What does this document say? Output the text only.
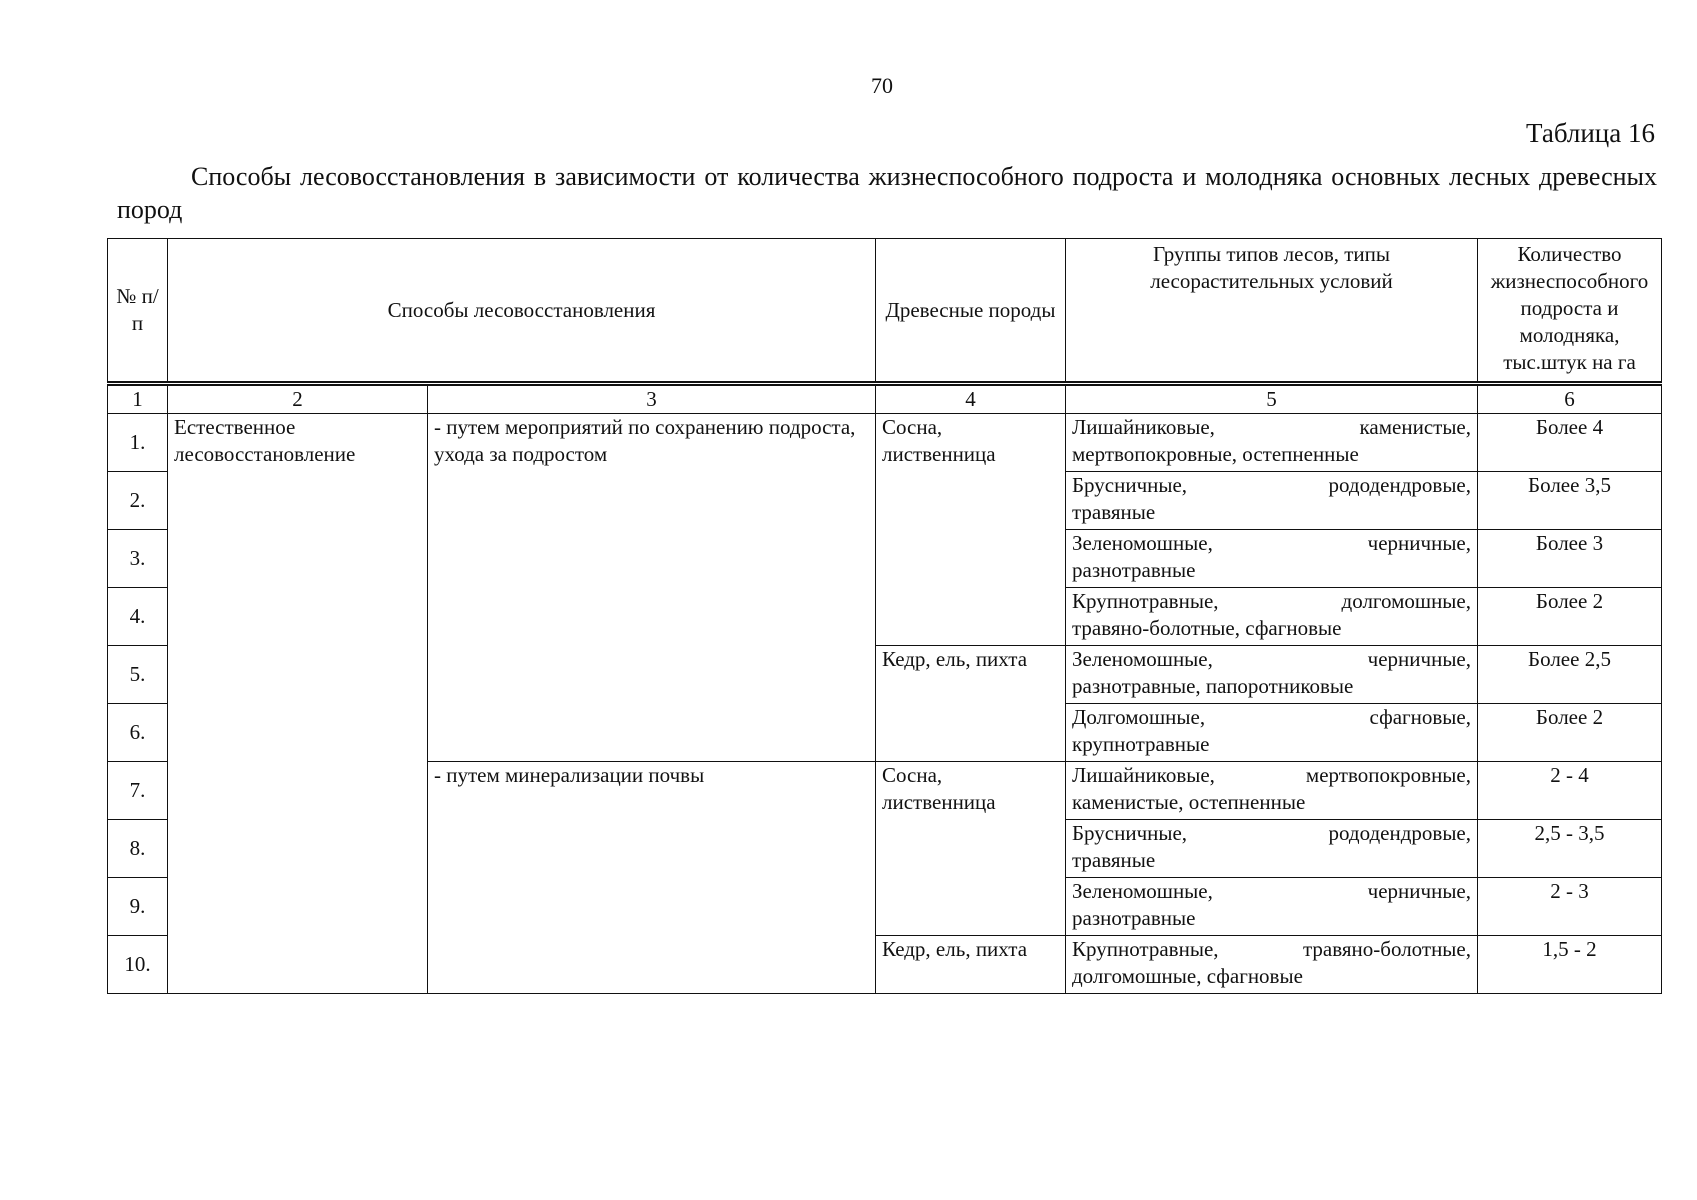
70
Таблица 16
Способы лесовосстановления в зависимости от количества жизнеспособного подроста и молодняка основных лесных древесных пород
№ п/п	Способы лесовосстановления		Древесные породы	Группы типов лесов, типы лесорастительных условий	Количество жизнеспособного подроста и молодняка, тыс.штук на га
1	2	3	4	5	6
1.	Естественное лесовосстановление	- путем мероприятий по сохранению подроста, ухода за подростом	Сосна, лиственница	Лишайниковые, каменистые,
мертвопокровные, остепненные	Более 4
2.				Брусничные, рододендровые,
травяные	Более 3,5
3.				Зеленомошные, черничные,
разнотравные	Более 3
4.				Крупнотравные, долгомошные,
травяно-болотные, сфагновые	Более 2
5.			Кедр, ель, пихта	Зеленомошные, черничные,
разнотравные, папоротниковые	Более 2,5
6.				Долгомошные, сфагновые,
крупнотравные	Более 2
7.		- путем минерализации почвы	Сосна, лиственница	Лишайниковые, мертвопокровные,
каменистые, остепненные	2 - 4
8.				Брусничные, рододендровые,
травяные	2,5 - 3,5
9.				Зеленомошные, черничные,
разнотравные	2 - 3
10.			Кедр, ель, пихта	Крупнотравные, травяно-болотные,
долгомошные, сфагновые	1,5 - 2
